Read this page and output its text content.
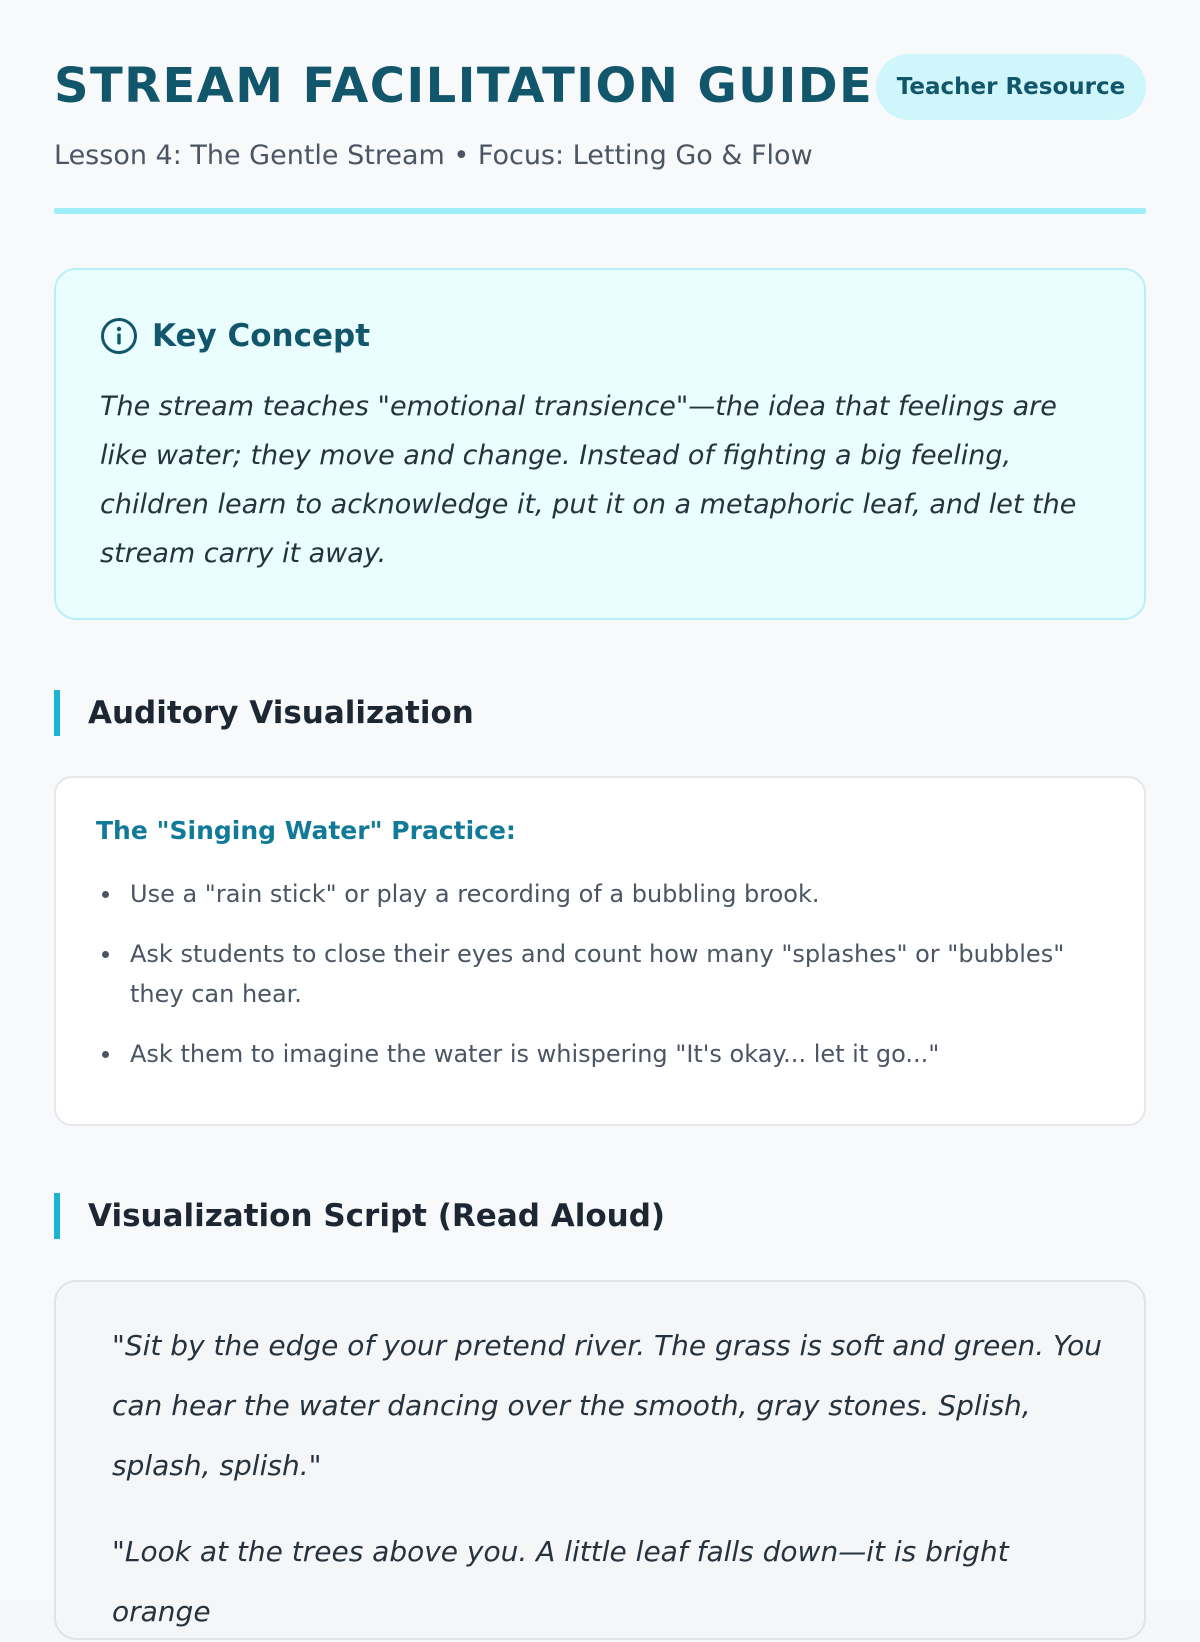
STREAM FACILITATION GUIDE	Teacher Resource
Lesson 4: The Gentle Stream • Focus: Letting Go & Flow
Key Concept

The stream teaches "emotional transience"—the idea that feelings are like water; they move and change. Instead of fighting a big feeling, children learn to acknowledge it, put it on a metaphoric leaf, and let the stream carry it away.

Auditory Visualization
The "Singing Water" Practice:
Use a "rain stick" or play a recording of a bubbling brook.
Ask students to close their eyes and count how many "splashes" or "bubbles" they can hear.
Ask them to imagine the water is whispering "It's okay... let it go..."
Visualization Script (Read Aloud)

"Sit by the edge of your pretend river. The grass is soft and green. You can hear the water dancing over the smooth, gray stones. Splish, splash, splish."

"Look at the trees above you. A little leaf falls down—it is bright orange
